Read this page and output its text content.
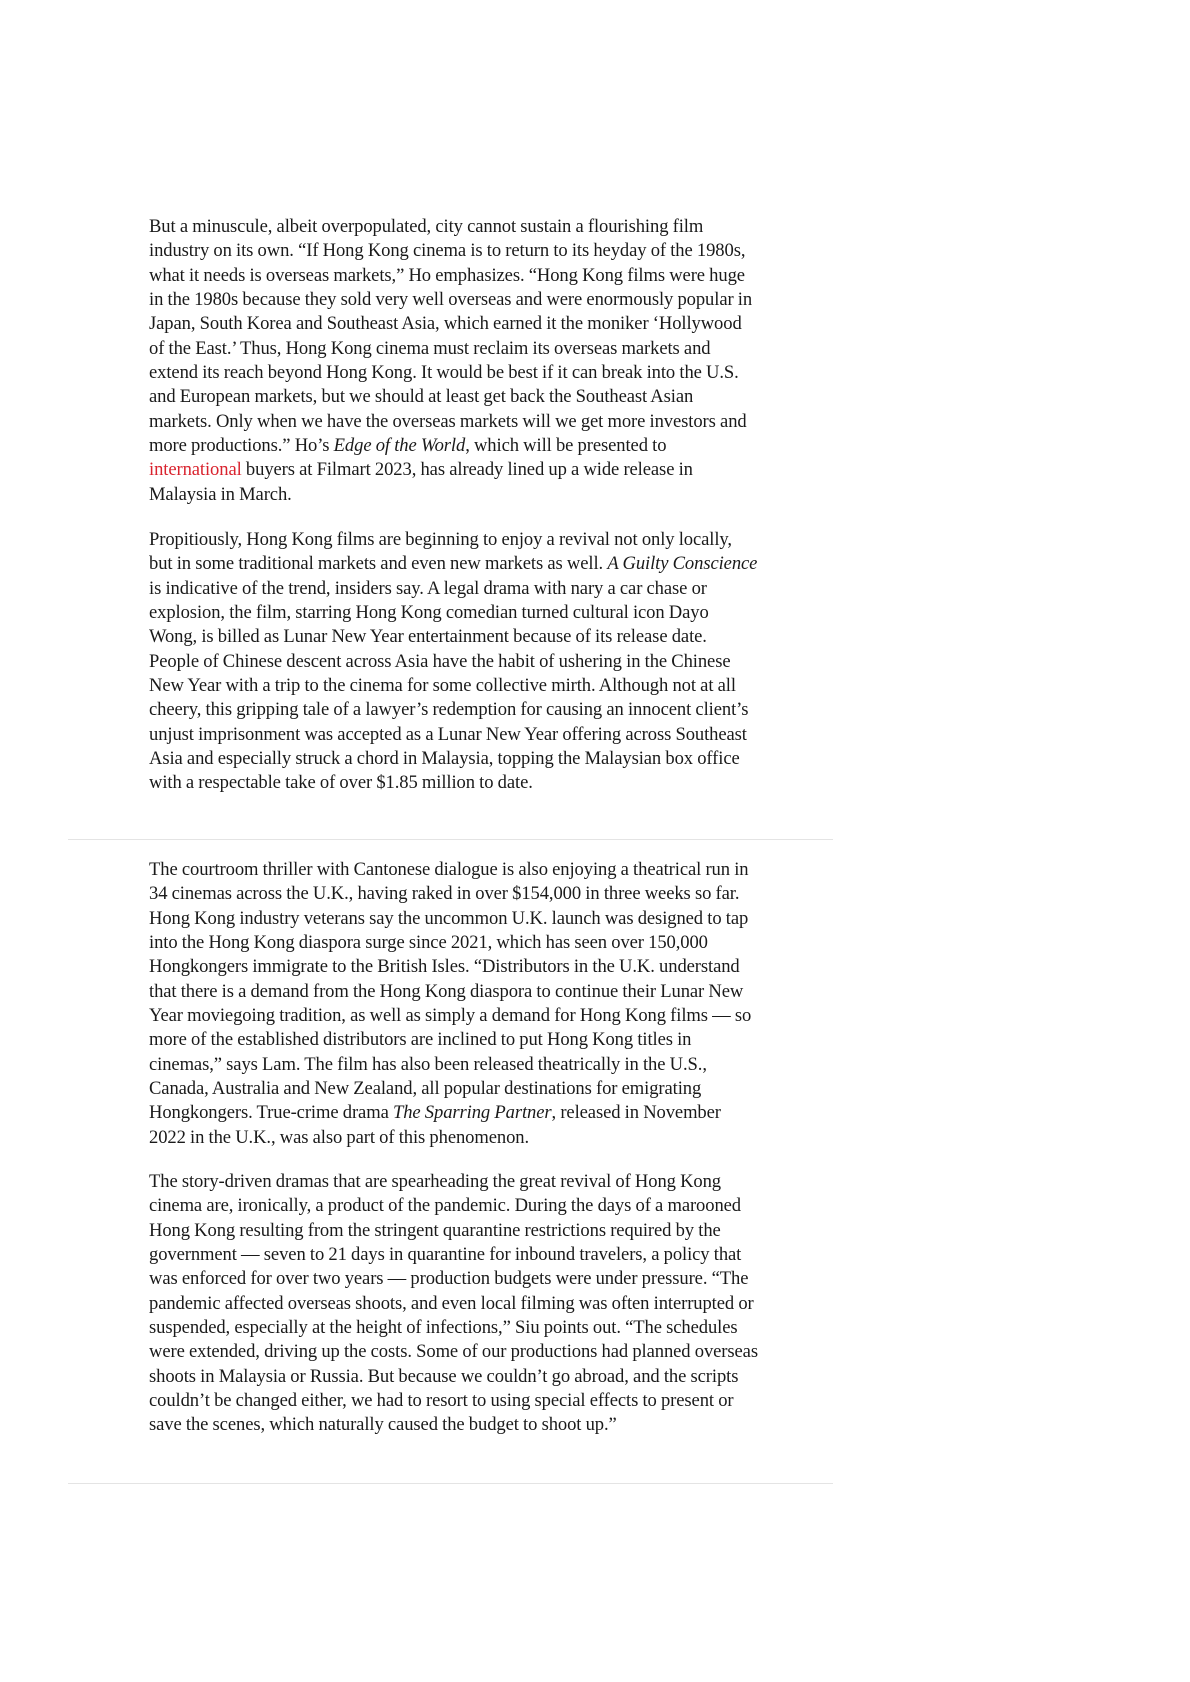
But a minuscule, albeit overpopulated, city cannot sustain a flourishing film industry on its own. “If Hong Kong cinema is to return to its heyday of the 1980s, what it needs is overseas markets,” Ho emphasizes. “Hong Kong films were huge in the 1980s because they sold very well overseas and were enormously popular in Japan, South Korea and Southeast Asia, which earned it the moniker ‘Hollywood of the East.’ Thus, Hong Kong cinema must reclaim its overseas markets and extend its reach beyond Hong Kong. It would be best if it can break into the U.S. and European markets, but we should at least get back the Southeast Asian markets. Only when we have the overseas markets will we get more investors and more productions.” Ho’s Edge of the World, which will be presented to international buyers at Filmart 2023, has already lined up a wide release in Malaysia in March.

Propitiously, Hong Kong films are beginning to enjoy a revival not only locally, but in some traditional markets and even new markets as well. A Guilty Conscience is indicative of the trend, insiders say. A legal drama with nary a car chase or explosion, the film, starring Hong Kong comedian turned cultural icon Dayo Wong, is billed as Lunar New Year entertainment because of its release date. People of Chinese descent across Asia have the habit of ushering in the Chinese New Year with a trip to the cinema for some collective mirth. Although not at all cheery, this gripping tale of a lawyer’s redemption for causing an innocent client’s unjust imprisonment was accepted as a Lunar New Year offering across Southeast Asia and especially struck a chord in Malaysia, topping the Malaysian box office with a respectable take of over $1.85 million to date.

The courtroom thriller with Cantonese dialogue is also enjoying a theatrical run in 34 cinemas across the U.K., having raked in over $154,000 in three weeks so far. Hong Kong industry veterans say the uncommon U.K. launch was designed to tap into the Hong Kong diaspora surge since 2021, which has seen over 150,000 Hongkongers immigrate to the British Isles. “Distributors in the U.K. understand that there is a demand from the Hong Kong diaspora to continue their Lunar New Year moviegoing tradition, as well as simply a demand for Hong Kong films — so more of the established distributors are inclined to put Hong Kong titles in cinemas,” says Lam. The film has also been released theatrically in the U.S., Canada, Australia and New Zealand, all popular destinations for emigrating Hongkongers. True-crime drama The Sparring Partner, released in November 2022 in the U.K., was also part of this phenomenon.

The story-driven dramas that are spearheading the great revival of Hong Kong cinema are, ironically, a product of the pandemic. During the days of a marooned Hong Kong resulting from the stringent quarantine restrictions required by the government — seven to 21 days in quarantine for inbound travelers, a policy that was enforced for over two years — production budgets were under pressure. “The pandemic affected overseas shoots, and even local filming was often interrupted or suspended, especially at the height of infections,” Siu points out. “The schedules were extended, driving up the costs. Some of our productions had planned overseas shoots in Malaysia or Russia. But because we couldn’t go abroad, and the scripts couldn’t be changed either, we had to resort to using special effects to present or save the scenes, which naturally caused the budget to shoot up.”
